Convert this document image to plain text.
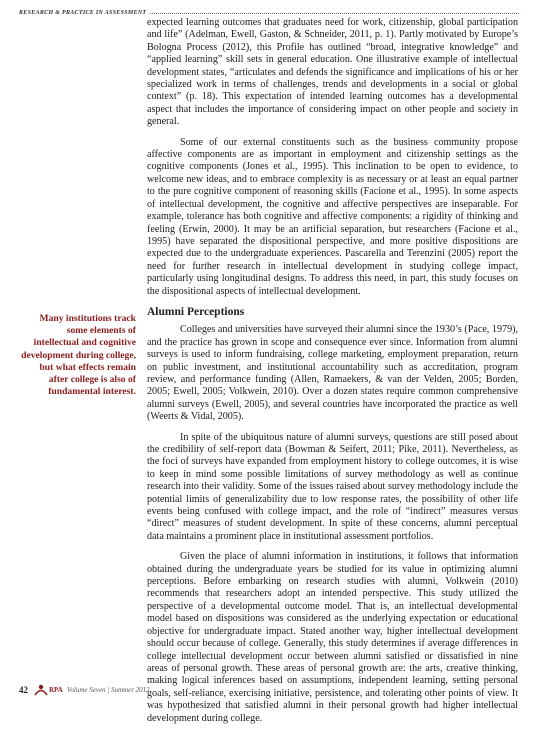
RESEARCH & PRACTICE IN ASSESSMENT
Many institutions track some elements of intellectual and cognitive development during college, but what effects remain after college is also of fundamental interest.

expected learning outcomes that graduates need for work, citizenship, global participation and life” (Adelman, Ewell, Gaston, & Schneider, 2011, p. 1). Partly motivated by Europe’s Bologna Process (2012), this Profile has outlined “broad, integrative knowledge” and “applied learning” skill sets in general education. One illustrative example of intellectual development states, “articulates and defends the significance and implications of his or her specialized work in terms of challenges, trends and developments in a social or global context” (p. 18). This expectation of intended learning outcomes has a developmental aspect that includes the importance of considering impact on other people and society in general.

Some of our external constituents such as the business community propose affective components are as important in employment and citizenship settings as the cognitive components (Jones et al., 1995). This inclination to be open to evidence, to welcome new ideas, and to embrace complexity is as necessary or at least an equal partner to the pure cognitive component of reasoning skills (Facione et al., 1995). In some aspects of intellectual development, the cognitive and affective perspectives are inseparable. For example, tolerance has both cognitive and affective components: a rigidity of thinking and feeling (Erwin, 2000). It may be an artificial separation, but researchers (Facione et al., 1995) have separated the dispositional perspective, and more positive dispositions are expected due to the undergraduate experiences. Pascarella and Terenzini (2005) report the need for further research in intellectual development in studying college impact, particularly using longitudinal designs. To address this need, in part, this study focuses on the dispositional aspects of intellectual development.

Alumni Perceptions

Colleges and universities have surveyed their alumni since the 1930’s (Pace, 1979), and the practice has grown in scope and consequence ever since. Information from alumni surveys is used to inform fundraising, college marketing, employment preparation, return on public investment, and institutional accountability such as accreditation, program review, and performance funding (Allen, Ramaekers, & van der Velden, 2005; Borden, 2005; Ewell, 2005; Volkwein, 2010). Over a dozen states require common comprehensive alumni surveys (Ewell, 2005), and several countries have incorporated the practice as well (Weerts & Vidal, 2005).

In spite of the ubiquitous nature of alumni surveys, questions are still posed about the credibility of self-report data (Bowman & Seifert, 2011; Pike, 2011). Nevertheless, as the foci of surveys have expanded from employment history to college outcomes, it is wise to keep in mind some possible limitations of survey methodology as well as continue research into their validity. Some of the issues raised about survey methodology include the potential limits of generalizability due to low response rates, the possibility of other life events being confused with college impact, and the role of “indirect” measures versus “direct” measures of student development. In spite of these concerns, alumni perceptual data maintains a prominent place in institutional assessment portfolios.

Given the place of alumni information in institutions, it follows that information obtained during the undergraduate years be studied for its value in optimizing alumni perceptions. Before embarking on research studies with alumni, Volkwein (2010) recommends that researchers adopt an intended perspective. This study utilized the perspective of a developmental outcome model. That is, an intellectual developmental model based on dispositions was considered as the underlying expectation or educational objective for undergraduate impact. Stated another way, higher intellectual development should occur because of college. Generally, this study determines if average differences in college intellectual development occur between alumni satisfied or dissatisfied in nine areas of personal growth. These areas of personal growth are: the arts, creative thinking, making logical inferences based on assumptions, independent learning, setting personal goals, self-reliance, exercising initiative, persistence, and tolerating other points of view. It was hypothesized that satisfied alumni in their personal growth had higher intellectual development during college.

42	RPA Volume Seven | Summer 2012
